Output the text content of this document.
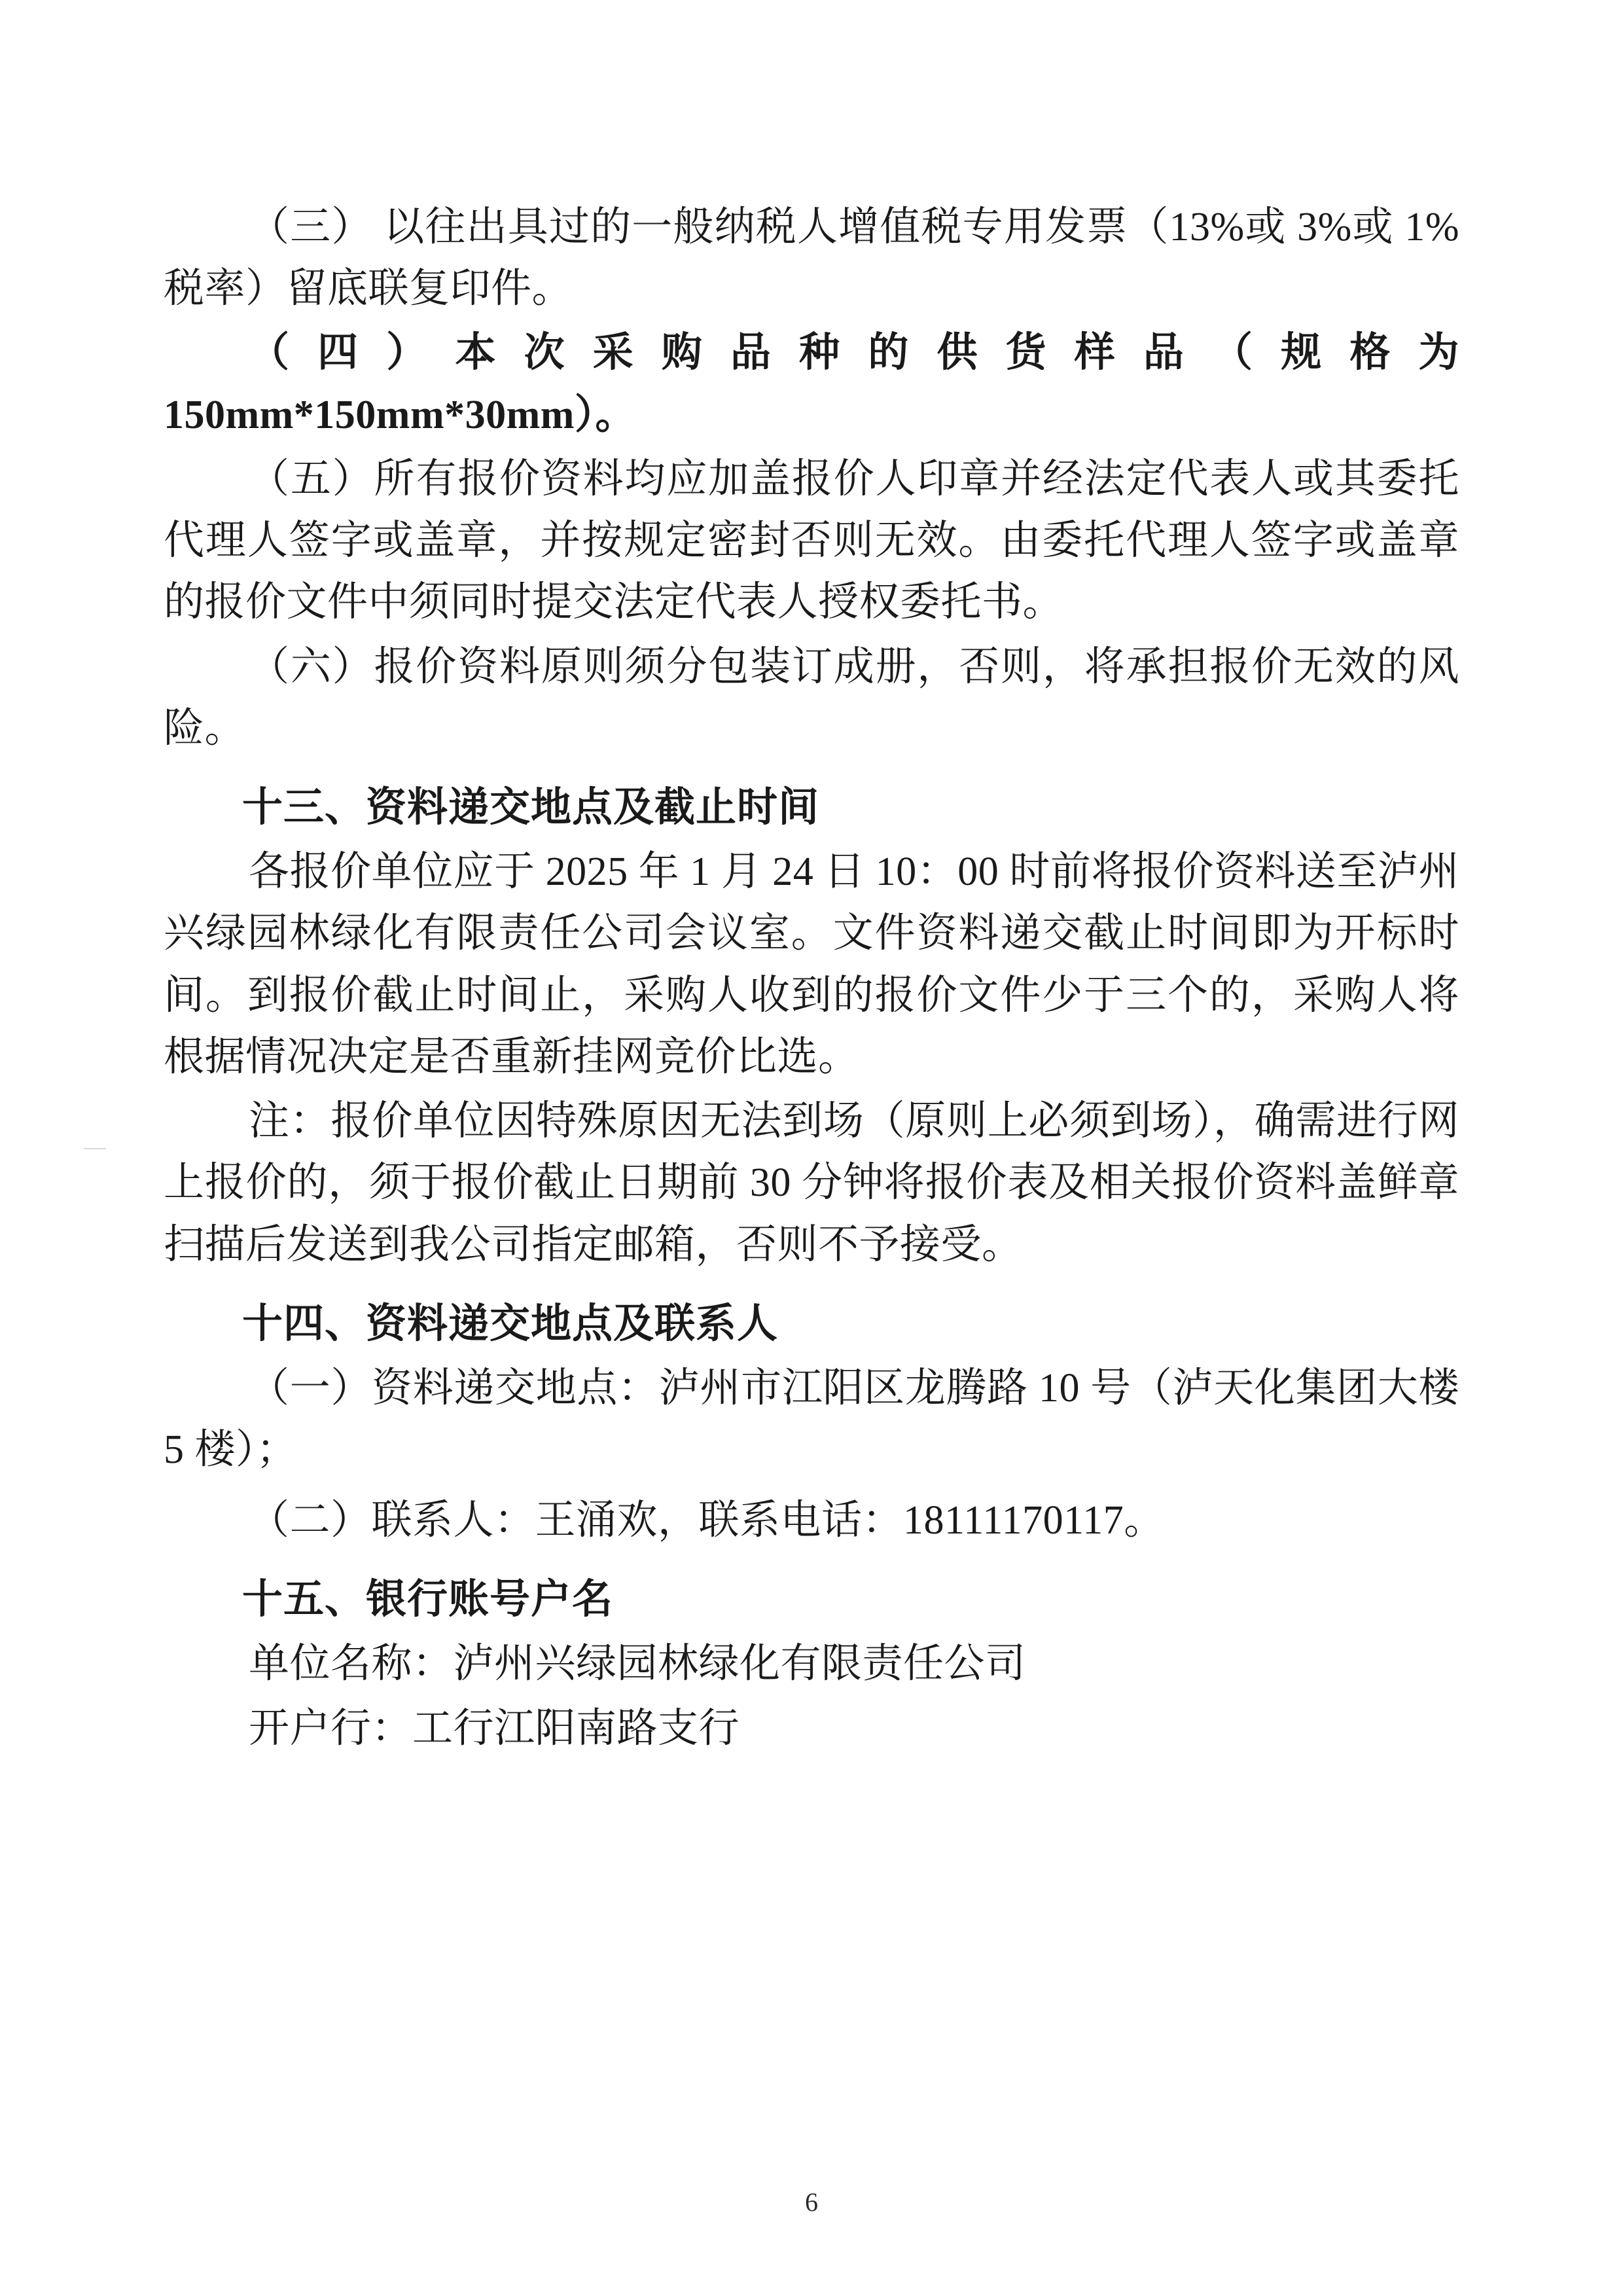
（三） 以往出具过的一般纳税人增值税专用发票（13%或 3%或 1%税率）留底联复印件。

（四）本次采购品种的供货样品（规格为 150mm*150mm*30mm）。

（五）所有报价资料均应加盖报价人印章并经法定代表人或其委托代理人签字或盖章，并按规定密封否则无效。由委托代理人签字或盖章的报价文件中须同时提交法定代表人授权委托书。

（六）报价资料原则须分包装订成册，否则，将承担报价无效的风险。

十三、资料递交地点及截止时间

各报价单位应于 2025 年 1 月 24 日 10：00 时前将报价资料送至泸州兴绿园林绿化有限责任公司会议室。文件资料递交截止时间即为开标时间。到报价截止时间止，采购人收到的报价文件少于三个的，采购人将根据情况决定是否重新挂网竞价比选。

注：报价单位因特殊原因无法到场（原则上必须到场），确需进行网上报价的，须于报价截止日期前 30 分钟将报价表及相关报价资料盖鲜章扫描后发送到我公司指定邮箱，否则不予接受。

十四、资料递交地点及联系人

（一）资料递交地点：泸州市江阳区龙腾路 10 号（泸天化集团大楼 5 楼）；

（二）联系人：王涌欢，联系电话：18111170117。

十五、银行账号户名

单位名称：泸州兴绿园林绿化有限责任公司

开户行：工行江阳南路支行

6
